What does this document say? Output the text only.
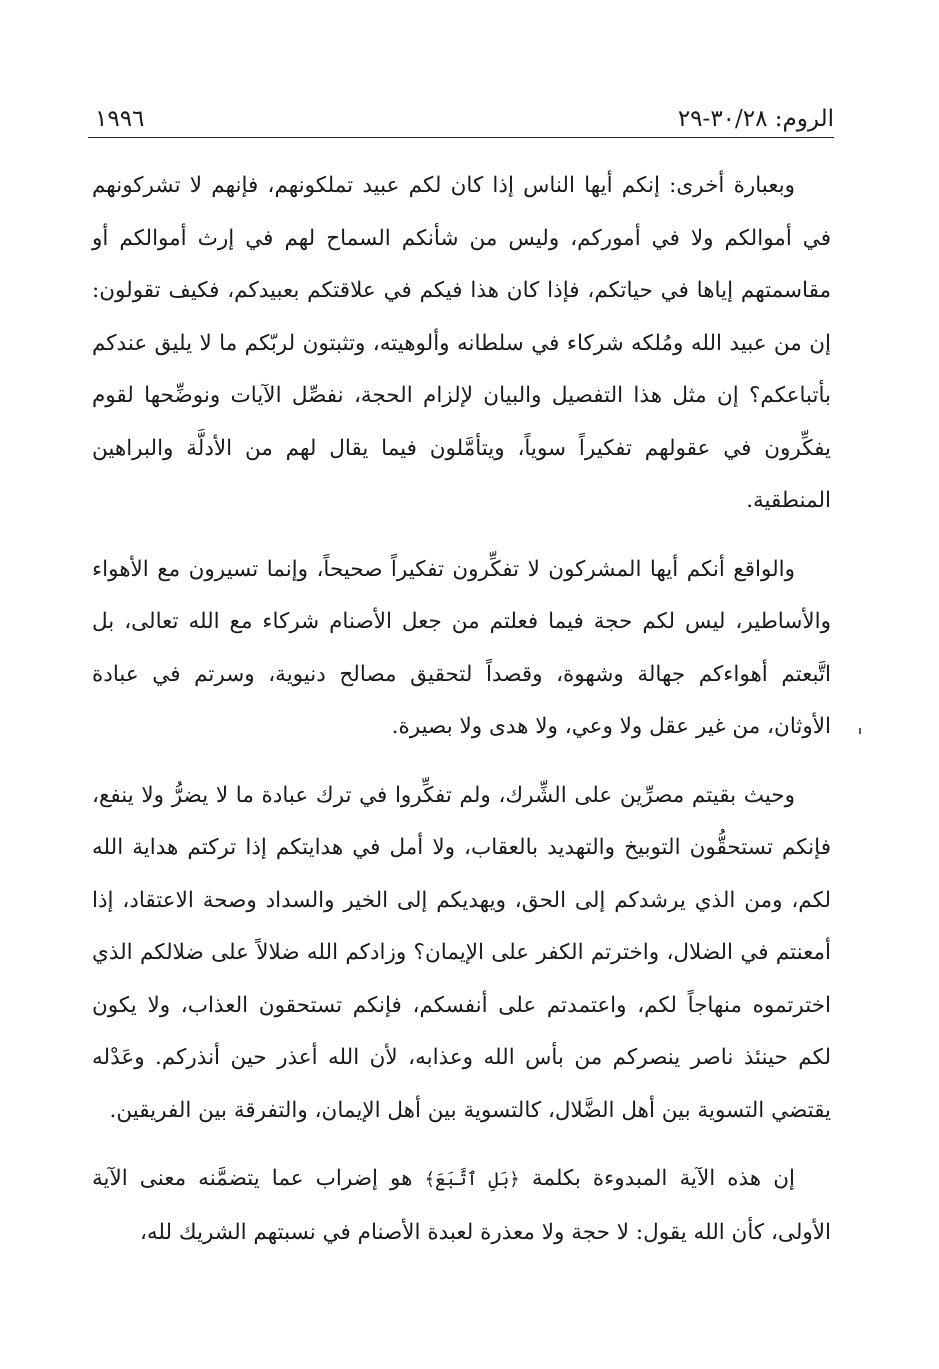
الروم: ٣٠/٢٨-٢٩
١٩٩٦

وبعبارة أخرى: إنكم أيها الناس إذا كان لكم عبيد تملكونهم، فإنهم لا تشركونهم في أموالكم ولا في أموركم، وليس من شأنكم السماح لهم في إرث أموالكم أو مقاسمتهم إياها في حياتكم، فإذا كان هذا فيكم في علاقتكم بعبيدكم، فكيف تقولون: إن من عبيد الله ومُلكه شركاء في سلطانه وألوهيته، وتثبتون لربّكم ما لا يليق عندكم بأتباعكم؟ إن مثل هذا التفصيل والبيان لإلزام الحجة، نفصِّل الآيات ونوضِّحها لقوم يفكِّرون في عقولهم تفكيراً سوياً، ويتأمَّلون فيما يقال لهم من الأدلَّة والبراهين المنطقية.

والواقع أنكم أيها المشركون لا تفكِّرون تفكيراً صحيحاً، وإنما تسيرون مع الأهواء والأساطير، ليس لكم حجة فيما فعلتم من جعل الأصنام شركاء مع الله تعالى، بل اتَّبعتم أهواءكم جهالة وشهوة، وقصداً لتحقيق مصالح دنيوية، وسرتم في عبادة الأوثان، من غير عقل ولا وعي، ولا هدى ولا بصيرة.

وحيث بقيتم مصرِّين على الشِّرك، ولم تفكِّروا في ترك عبادة ما لا يضرُّ ولا ينفع، فإنكم تستحقُّون التوبيخ والتهديد بالعقاب، ولا أمل في هدايتكم إذا تركتم هداية الله لكم، ومن الذي يرشدكم إلى الحق، ويهديكم إلى الخير والسداد وصحة الاعتقاد، إذا أمعنتم في الضلال، واخترتم الكفر على الإيمان؟ وزادكم الله ضلالاً على ضلالكم الذي اخترتموه منهاجاً لكم، واعتمدتم على أنفسكم، فإنكم تستحقون العذاب، ولا يكون لكم حينئذ ناصر ينصركم من بأس الله وعذابه، لأن الله أعذر حين أنذركم. وعَدْله يقتضي التسوية بين أهل الضَّلال، كالتسوية بين أهل الإيمان، والتفرقة بين الفريقين.

إن هذه الآية المبدوءة بكلمة ﴿بَلِ ٱتَّبَعَ﴾ هو إضراب عما يتضمَّنه معنى الآية الأولى، كأن الله يقول: لا حجة ولا معذرة لعبدة الأصنام في نسبتهم الشريك لله،
